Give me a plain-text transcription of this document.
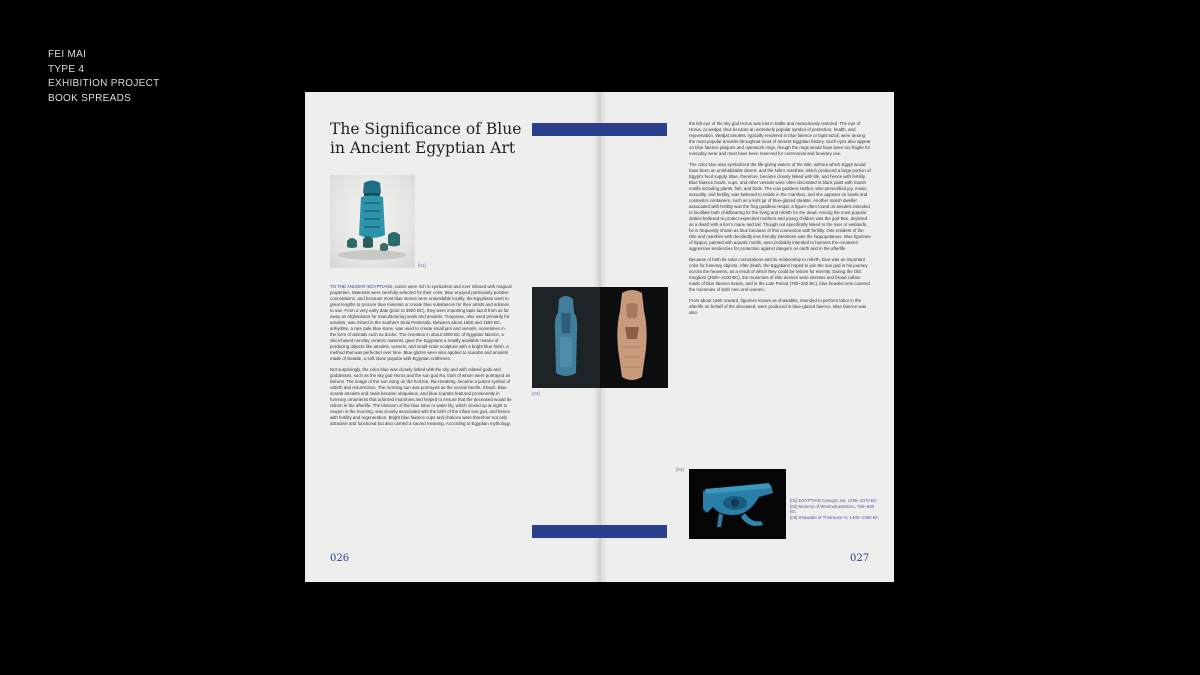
FEI MAI
TYPE 4
EXHIBITION PROJECT
BOOK SPREADS
The Significance of Blue in Ancient Egyptian Art
[01]

TO THE ANCIENT EGYPTIANS, colors were rich in symbolism and ever imbued with magical properties. Materials were carefully selected for their color. Blue enjoyed particularly positive connotations, and because most blue stones were unavailable locally, the Egyptians went to great lengths to procure blue minerals or create blue substances for their artists and artisans to use. From a very early date (prior to 3500 BC), they were importing lapis lazuli from as far away as Afghanistan for manufacturing seals and amulets. Turquoise, also used primarily for amulets, was mined in the southern Sinai Peninsula. Between about 1800 and 1550 BC, anhydrite, a rare pale blue stone, was used to create small jars and vessels, sometimes in the form of animals such as ducks. The invention in about 3000 BC of Egyptian faience, a silica-based nonclay ceramic material, gave the Egyptians a readily available means of producing objects like amulets, vessels, and small-scale sculpture with a bright blue finish, a method that was perfected over time. Blue glazes were also applied to scarabs and amulets made of steatite, a soft stone popular with Egyptian craftsmen.

Not surprisingly, the color blue was closely linked with the sky and with related gods and goddesses, such as the sky god Horus and the sun god Ra, both of whom were portrayed as falcons. The image of the sun rising on the horizon, Ra-Horakhty, became a potent symbol of rebirth and resurrection. The morning sun was portrayed as the scarab beetle, Khepri. Blue scarab amulets and seals became ubiquitous, and blue scarabs featured prominently in funerary ornaments that adorned mummies and helped to ensure that the deceased would be reborn in the afterlife. The blossom of the blue lotus or water lily, which closed up at night to reopen in the morning, was closely associated with the birth of the infant sun god, and hence with fertility and regeneration. Bright blue faience cups and chalices were therefore not only attractive and functional but also carried a sacred meaning. According to Egyptian mythology,

[02]
026

the left eye of the sky god Horus was lost in battle and miraculously restored. The eye of Horus, or wedjat, thus became an extremely popular symbol of protection, health, and rejuvenation. Wedjat amulets, typically rendered in blue faience or lapis lazuli, were among the most popular amulets throughout most of ancient Egyptian history. Such eyes also appear on blue faience plaques and openwork rings, though the rings would have been too fragile for everyday wear and must have been reserved for ceremonial and funerary use.

The color blue also symbolized the life-giving waters of the Nile, without which Egypt would have been an uninhabitable desert, and the Nile's marshes, which produced a large portion of Egypt's food supply. Blue, therefore, became closely linked with life, and hence with fertility. Blue faience bowls, cups, and other vessels were often decorated in black paint with marsh motifs including plants, fish, and birds. The cow goddess Hathor, who personified joy, music, sexuality, and fertility, was believed to reside in the marshes, and she appears on bowls and cosmetics containers, such as a kohl jar of blue-glazed steatite. Another marsh dweller associated with fertility was the frog goddess Heqat, a figure often found on amulets intended to facilitate both childbearing for the living and rebirth for the dead. Among the most popular deities believed to protect expectant mothers and young children was the god Bes, depicted as a dwarf with a lion's mane and tail. Though not specifically linked to the river or wetlands, he is frequently shown as blue because of this connection with fertility. One resident of the Nile and marshes with decidedly less friendly intentions was the hippopotamus. Blue figurines of hippos, painted with aquatic motifs, were probably intended to harness the creatures' aggressive tendencies for protection against dangers on earth and in the afterlife.

Because of both its solar connotations and its relationship to rebirth, blue was an important color for funerary objects. After death, the Egyptians hoped to join the sun god in his journey across the heavens, as a result of which they could be reborn for eternity. During the Old Kingdom (2600–2100 BC), the mummies of elite women wore dresses and broad collars made of blue faience beads, and in the Late Period (760–332 BC), blue beaded nets covered the mummies of both men and women.

From about 1550 onward, figurines known as shawabtis, intended to perform labor in the afterlife on behalf of the deceased, were produced in blue-glazed faience. Blue faience was also

[03]
[01] EGYPTIAN Canopic Jar, 1295–1070 BC
[02] Mummy of Wesmutnestmeru, 760–660 BC
[03] Shawabti of Thutmose IV, 1400–1390 BC
027
